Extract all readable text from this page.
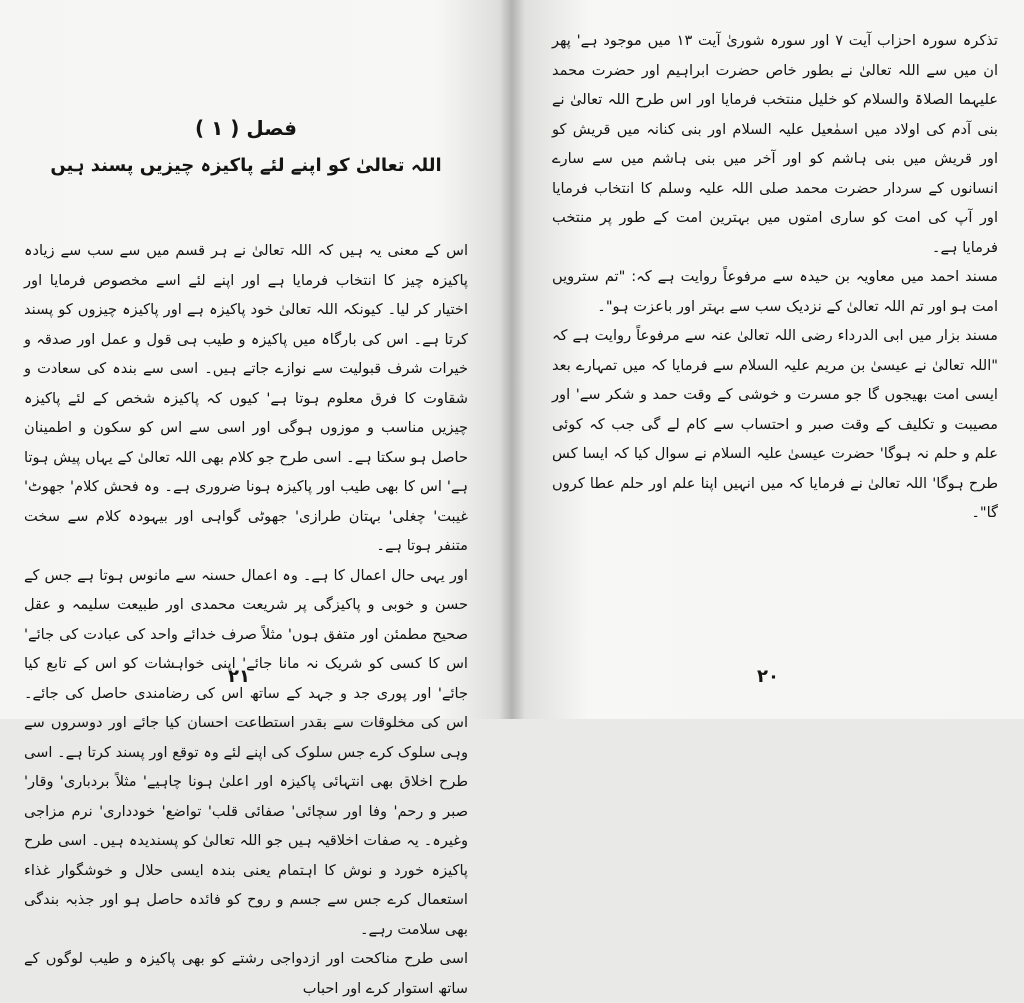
فصل ( ۱ )

اللہ تعالیٰ کو اپنے لئے پاکیزہ چیزیں پسند ہیں

اس کے معنی یہ ہیں کہ اللہ تعالیٰ نے ہر قسم میں سے سب سے زیادہ پاکیزہ چیز کا انتخاب فرمایا ہے اور اپنے لئے اسے مخصوص فرمایا اور اختیار کر لیا۔ کیونکہ اللہ تعالیٰ خود پاکیزہ ہے اور پاکیزہ چیزوں کو پسند کرتا ہے۔ اس کی بارگاہ میں پاکیزہ و طیب ہی قول و عمل اور صدقہ و خیرات شرف قبولیت سے نوازے جاتے ہیں۔ اسی سے بندہ کی سعادت و شقاوت کا فرق معلوم ہوتا ہے' کیوں کہ پاکیزہ شخص کے لئے پاکیزہ چیزیں مناسب و موزوں ہوگی اور اسی سے اس کو سکون و اطمینان حاصل ہو سکتا ہے۔ اسی طرح جو کلام بھی اللہ تعالیٰ کے یہاں پیش ہوتا ہے' اس کا بھی طیب اور پاکیزہ ہونا ضروری ہے۔ وہ فحش کلام' جھوٹ' غیبت' چغلی' بہتان طرازی' جھوٹی گواہی اور بیہودہ کلام سے سخت متنفر ہوتا ہے۔

اور یہی حال اعمال کا ہے۔ وہ اعمال حسنہ سے مانوس ہوتا ہے جس کے حسن و خوبی و پاکیزگی پر شریعت محمدی اور طبیعت سلیمہ و عقل صحیح مطمئن اور متفق ہوں' مثلاً صرف خدائے واحد کی عبادت کی جائے' اس کا کسی کو شریک نہ مانا جائے' اپنی خواہشات کو اس کے تابع کیا جائے' اور پوری جد و جہد کے ساتھ اس کی رضامندی حاصل کی جائے۔ اس کی مخلوقات سے بقدر استطاعت احسان کیا جائے اور دوسروں سے وہی سلوک کرے جس سلوک کی اپنے لئے وہ توقع اور پسند کرتا ہے۔ اسی طرح اخلاق بھی انتہائی پاکیزہ اور اعلیٰ ہونا چاہیے' مثلاً بردباری' وقار' صبر و رحم' وفا اور سچائی' صفائی قلب' تواضع' خودداری' نرم مزاجی وغیرہ۔ یہ صفات اخلاقیہ ہیں جو اللہ تعالیٰ کو پسندیدہ ہیں۔ اسی طرح پاکیزہ خورد و نوش کا اہتمام یعنی بندہ ایسی حلال و خوشگوار غذاء استعمال کرے جس سے جسم و روح کو فائدہ حاصل ہو اور جذبہ بندگی بھی سلامت رہے۔

اسی طرح مناکحت اور ازدواجی رشتے کو بھی پاکیزہ و طیب لوگوں کے ساتھ استوار کرے اور احباب

۲۱

تذکرہ سورہ احزاب آیت ۷ اور سورہ شوریٰ آیت ۱۳ میں موجود ہے' پھر ان میں سے اللہ تعالیٰ نے بطور خاص حضرت ابراہیم اور حضرت محمد علیہما الصلاۃ والسلام کو خلیل منتخب فرمایا اور اس طرح اللہ تعالیٰ نے بنی آدم کی اولاد میں اسمٰعیل علیہ السلام اور بنی کنانہ میں قریش کو اور قریش میں بنی ہاشم کو اور آخر میں بنی ہاشم میں سے سارے انسانوں کے سردار حضرت محمد صلی اللہ علیہ وسلم کا انتخاب فرمایا اور آپ کی امت کو ساری امتوں میں بہترین امت کے طور پر منتخب فرمایا ہے۔

مسند احمد میں معاویہ بن حیدہ سے مرفوعاً روایت ہے کہ: "تم سترویں امت ہو اور تم اللہ تعالیٰ کے نزدیک سب سے بہتر اور باعزت ہو"۔

مسند بزار میں ابی الدرداء رضی اللہ تعالیٰ عنہ سے مرفوعاً روایت ہے کہ "اللہ تعالیٰ نے عیسیٰ بن مریم علیہ السلام سے فرمایا کہ میں تمہارے بعد ایسی امت بھیجوں گا جو مسرت و خوشی کے وقت حمد و شکر سے' اور مصیبت و تکلیف کے وقت صبر و احتساب سے کام لے گی جب کہ کوئی علم و حلم نہ ہوگا' حضرت عیسیٰ علیہ السلام نے سوال کیا کہ ایسا کس طرح ہوگا' اللہ تعالیٰ نے فرمایا کہ میں انہیں اپنا علم اور حلم عطا کروں گا"۔

۲۰
